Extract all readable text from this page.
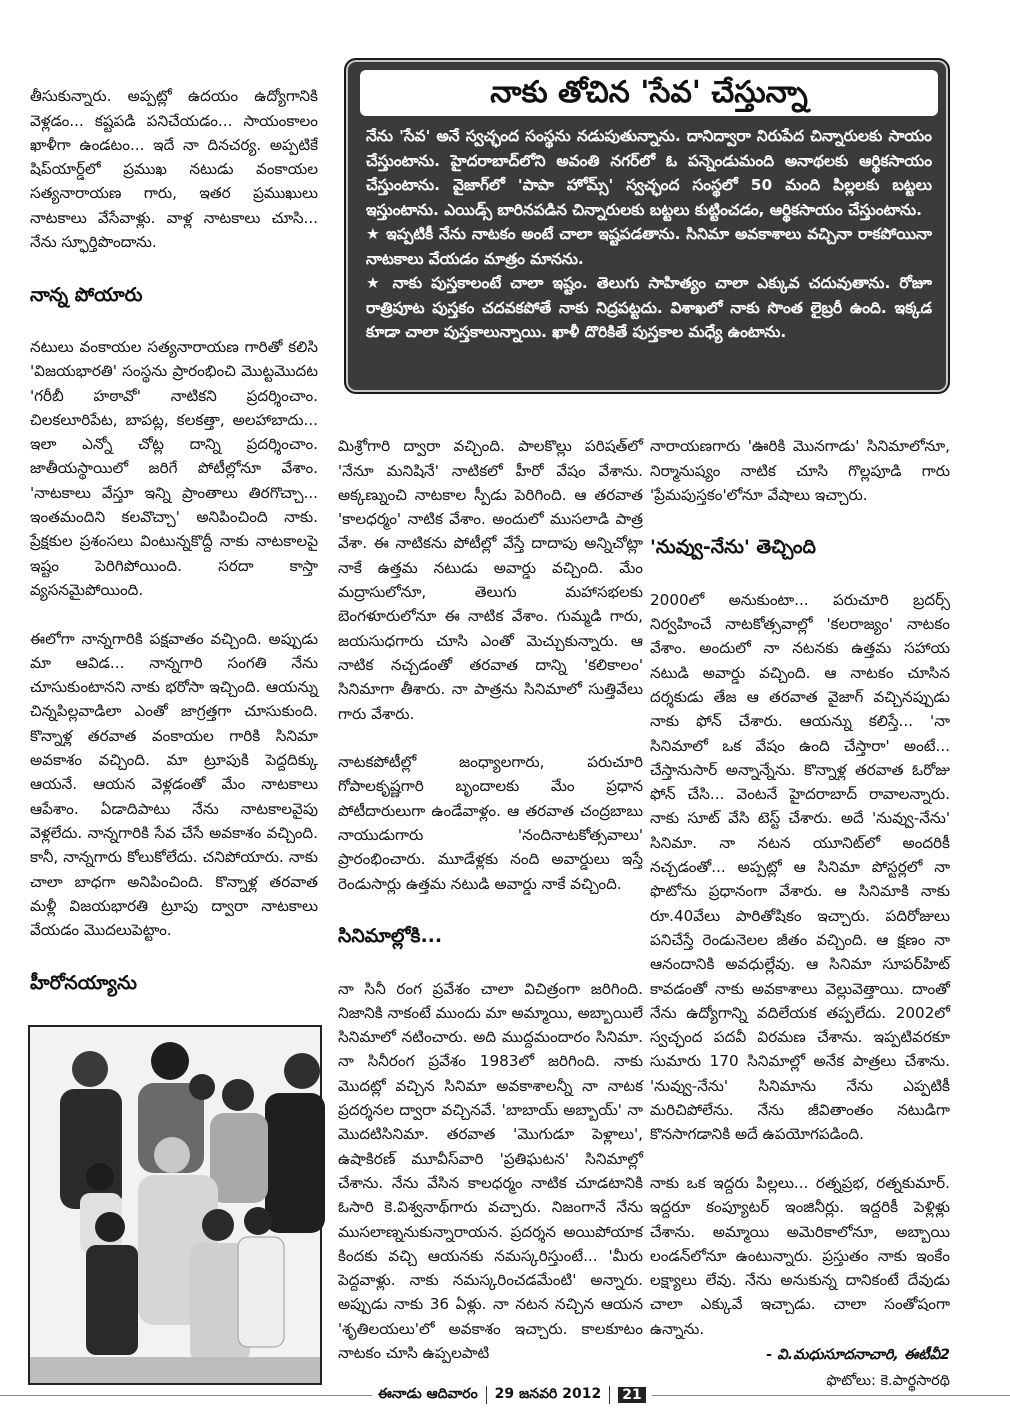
తీసుకున్నారు. అప్పట్లో ఉదయం ఉద్యోగానికి వెళ్లడం... కష్టపడి పనిచేయడం... సాయంకాలం ఖాళీగా ఉండటం... ఇదే నా దినచర్య. అప్పటికే షిప్‌యార్డ్‌లో ప్రముఖ నటుడు వంకాయల సత్యనారాయణ గారు, ఇతర ప్రముఖులు నాటకాలు వేసేవాళ్లు. వాళ్ల నాటకాలు చూసి... నేను స్ఫూర్తిపొందాను.

నాన్న పోయారు

నటులు వంకాయల సత్యనారాయణ గారితో కలిసి 'విజయభారతి' సంస్థను ప్రారంభించి మొట్టమొదట 'గరీబీ హఠావో' నాటికని ప్రదర్శించాం. చిలకలూరిపేట, బాపట్ల, కలకత్తా, అలహాబాదు... ఇలా ఎన్నో చోట్ల దాన్ని ప్రదర్శించాం. జాతీయస్థాయిలో జరిగే పోటీల్లోనూ వేశాం. 'నాటకాలు వేస్తూ ఇన్ని ప్రాంతాలు తిరగొచ్చా... ఇంతమందిని కలవొచ్చా' అనిపించింది నాకు. ప్రేక్షకుల ప్రశంసలు వింటున్నకొద్దీ నాకు నాటకాలపై ఇష్టం పెరిగిపోయింది. సరదా కాస్తా వ్యసనమైపోయింది.

ఈలోగా నాన్నగారికి పక్షవాతం వచ్చింది. అప్పుడు మా ఆవిడ... నాన్నగారి సంగతి నేను చూసుకుంటానని నాకు భరోసా ఇచ్చింది. ఆయన్ను చిన్నపిల్లవాడిలా ఎంతో జాగ్రత్తగా చూసుకుంది. కొన్నాళ్ల తరవాత వంకాయల గారికి సినిమా అవకాశం వచ్చింది. మా ట్రూపుకి పెద్దదిక్కు ఆయనే. ఆయన వెళ్లడంతో మేం నాటకాలు ఆపేశాం. ఏడాదిపాటు నేను నాటకాలవైపు వెళ్లలేదు. నాన్నగారికి సేవ చేసే అవకాశం వచ్చింది. కానీ, నాన్నగారు కోలుకోలేదు. చనిపోయారు. నాకు చాలా బాధగా అనిపించింది. కొన్నాళ్ల తరవాత మళ్లీ విజయభారతి ట్రూపు ద్వారా నాటకాలు వేయడం మొదలుపెట్టాం.

హీరోనయ్యాను

నాకు తోచిన 'సేవ' చేస్తున్నా

నేను 'సేవ' అనే స్వచ్ఛంద సంస్థను నడుపుతున్నాను. దానిద్వారా నిరుపేద చిన్నారులకు సాయం చేస్తుంటాను. హైదరాబాద్‌లోని అవంతి నగర్‌లో ఓ పన్నెండుమంది అనాథలకు ఆర్థికసాయం చేస్తుంటాను. వైజాగ్‌లో 'పాపా హోమ్స్' స్వచ్ఛంద సంస్థలో 50 మంది పిల్లలకు బట్టలు ఇస్తుంటాను. ఎయిడ్స్ బారినపడిన చిన్నారులకు బట్టలు కుట్టించడం, ఆర్థికసాయం చేస్తుంటాను.

★ ఇప్పటికీ నేను నాటకం అంటే చాలా ఇష్టపడతాను. సినిమా అవకాశాలు వచ్చినా రాకపోయినా నాటకాలు వేయడం మాత్రం మానను.

★ నాకు పుస్తకాలంటే చాలా ఇష్టం. తెలుగు సాహిత్యం చాలా ఎక్కువ చదువుతాను. రోజూ రాత్రిపూట పుస్తకం చదవకపోతే నాకు నిద్రపట్టదు. విశాఖలో నాకు సొంత లైబ్రరీ ఉంది. ఇక్కడ కూడా చాలా పుస్తకాలున్నాయి. ఖాళీ దొరికితే పుస్తకాల మధ్యే ఉంటాను.

మిశ్రోగారి ద్వారా వచ్చింది. పాలకొల్లు పరిషత్‌లో 'నేనూ మనిషినే' నాటికలో హీరో వేషం వేశాను. అక్కణ్నుంచి నాటకాల స్పీడు పెరిగింది. ఆ తరవాత 'కాలధర్మం' నాటిక వేశాం. అందులో ముసలాడి పాత్ర వేశా. ఈ నాటికను పోటీల్లో వేస్తే దాదాపు అన్నిచోట్లా నాకే ఉత్తమ నటుడు అవార్డు వచ్చింది. మేం మద్రాసులోనూ, తెలుగు మహాసభలకు బెంగళూరులోనూ ఈ నాటిక వేశాం. గుమ్మడి గారు, జయసుధగారు చూసి ఎంతో మెచ్చుకున్నారు. ఆ నాటిక నచ్చడంతో తరవాత దాన్ని 'కలికాలం' సినిమాగా తీశారు. నా పాత్రను సినిమాలో సుత్తివేలు గారు వేశారు.

నాటకపోటీల్లో జంధ్యాలగారు, పరుచూరి గోపాలకృష్ణగారి బృందాలకు మేం ప్రధాన పోటీదారులుగా ఉండేవాళ్లం. ఆ తరవాత చంద్రబాబు నాయుడుగారు 'నందినాటకోత్సవాలు' ప్రారంభించారు. మూడేళ్లకు నంది అవార్డులు ఇస్తే రెండుసార్లు ఉత్తమ నటుడి అవార్డు నాకే వచ్చింది.

సినిమాల్లోకి...

నా సినీ రంగ ప్రవేశం చాలా విచిత్రంగా జరిగింది. నిజానికి నాకంటే ముందు మా అమ్మాయి, అబ్బాయిలే సినిమాలో నటించారు. అది ముద్దమందారం సినిమా. నా సినీరంగ ప్రవేశం 1983లో జరిగింది. నాకు మొదట్లో వచ్చిన సినిమా అవకాశాలన్నీ నా నాటక ప్రదర్శనల ద్వారా వచ్చినవే. 'బాబాయ్ అబ్బాయ్' నా మొదటిసినిమా. తరవాత 'మొగుడూ పెళ్లాలు', ఉషాకిరణ్ మూవీస్‌వారి 'ప్రతిఘటన' సినిమాల్లో చేశాను. నేను వేసిన కాలధర్మం నాటిక చూడటానికి ఓసారి కె.విశ్వనాథ్‌గారు వచ్చారు. నిజంగానే నేను ముసలాణ్ననుకున్నారాయన. ప్రదర్శన అయిపోయాక కిందకు వచ్చి ఆయనకు నమస్కరిస్తుంటే... 'మీరు పెద్దవాళ్లు. నాకు నమస్కరించడమేంటి' అన్నారు. అప్పుడు నాకు 36 ఏళ్లు. నా నటన నచ్చిన ఆయన 'శృతిలయలు'లో అవకాశం ఇచ్చారు. కాలకూటం నాటకం చూసి ఉప్పలపాటి

నారాయణగారు 'ఊరికి మొనగాడు' సినిమాలోనూ, నిర్మానుష్యం నాటిక చూసి గొల్లపూడి గారు 'ప్రేమపుస్తకం'లోనూ వేషాలు ఇచ్చారు.

'నువ్వు-నేను' తెచ్చింది

2000లో అనుకుంటా... పరుచూరి బ్రదర్స్ నిర్వహించే నాటకోత్సవాల్లో 'కలరాజ్యం' నాటకం వేశాం. అందులో నా నటనకు ఉత్తమ సహాయ నటుడి అవార్డు వచ్చింది. ఆ నాటకం చూసిన దర్శకుడు తేజ ఆ తరవాత వైజాగ్ వచ్చినప్పుడు నాకు ఫోన్ చేశారు. ఆయన్ను కలిస్తే... 'నా సినిమాలో ఒక వేషం ఉంది చేస్తారా' అంటే... చేస్తానుసార్ అన్నాన్నేను. కొన్నాళ్ల తరవాత ఓరోజు ఫోన్ చేసి... వెంటనే హైదరాబాద్ రావాలన్నారు. నాకు సూట్ వేసి టెస్ట్ చేశారు. అదే 'నువ్వు-నేను' సినిమా. నా నటన యూనిట్‌లో అందరికీ నచ్చడంతో... అప్పట్లో ఆ సినిమా పోస్టర్లలో నా ఫొటోను ప్రధానంగా వేశారు. ఆ సినిమాకి నాకు రూ.40వేలు పారితోషికం ఇచ్చారు. పదిరోజులు పనిచేస్తే రెండునెలల జీతం వచ్చింది. ఆ క్షణం నా ఆనందానికి అవధుల్లేవు. ఆ సినిమా సూపర్‌హిట్ కావడంతో నాకు అవకాశాలు వెల్లువెత్తాయి. దాంతో నేను ఉద్యోగాన్ని వదిలేయక తప్పలేదు. 2002లో స్వచ్ఛంద పదవీ విరమణ చేశాను. ఇప్పటివరకూ సుమారు 170 సినిమాల్లో అనేక పాత్రలు చేశాను. 'నువ్వు-నేను' సినిమాను నేను ఎప్పటికీ మరిచిపోలేను. నేను జీవితాంతం నటుడిగా కొనసాగడానికి అదే ఉపయోగపడింది.

నాకు ఒక ఇద్దరు పిల్లలు... రత్నప్రభ, రత్నకుమార్. ఇద్దరూ కంప్యూటర్ ఇంజినీర్లు. ఇద్దరికీ పెళ్లిళ్లు చేశాను. అమ్మాయి అమెరికాలోనూ, అబ్బాయి లండన్‌లోనూ ఉంటున్నారు. ప్రస్తుతం నాకు ఇంకేం లక్ష్యాలు లేవు. నేను అనుకున్న దానికంటే దేవుడు చాలా ఎక్కువే ఇచ్చాడు. చాలా సంతోషంగా ఉన్నాను.

- వి.మధుసూదనాచారి, ఈటీవీ2
ఫొటోలు: కె.పార్థసారథి
ఈనాడు ఆదివారం 29 జనవరి 2012 21
